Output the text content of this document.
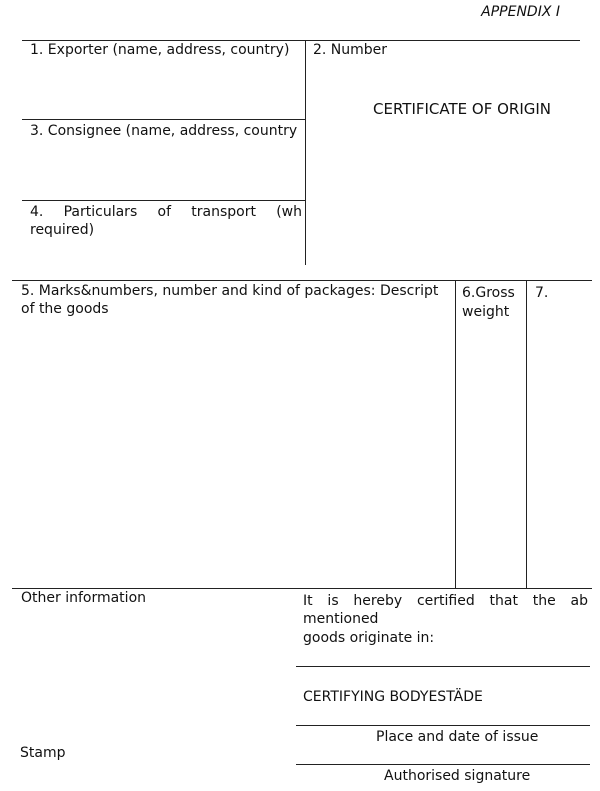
APPENDIX I
1. Exporter (name, address, country) 2. Number
CERTIFICATE OF ORIGIN
3. Consignee (name, address, country
4. Particulars of transport (wh
required)
5. Marks&numbers, number and kind of packages: Descript
of the goods
6.Gross
weight
7.
Other information	It is hereby certified that the ab
mentioned
goods originate in:
CERTIFYING BODYESTÄDE
Place and date of issue
Stamp
Authorised signature
